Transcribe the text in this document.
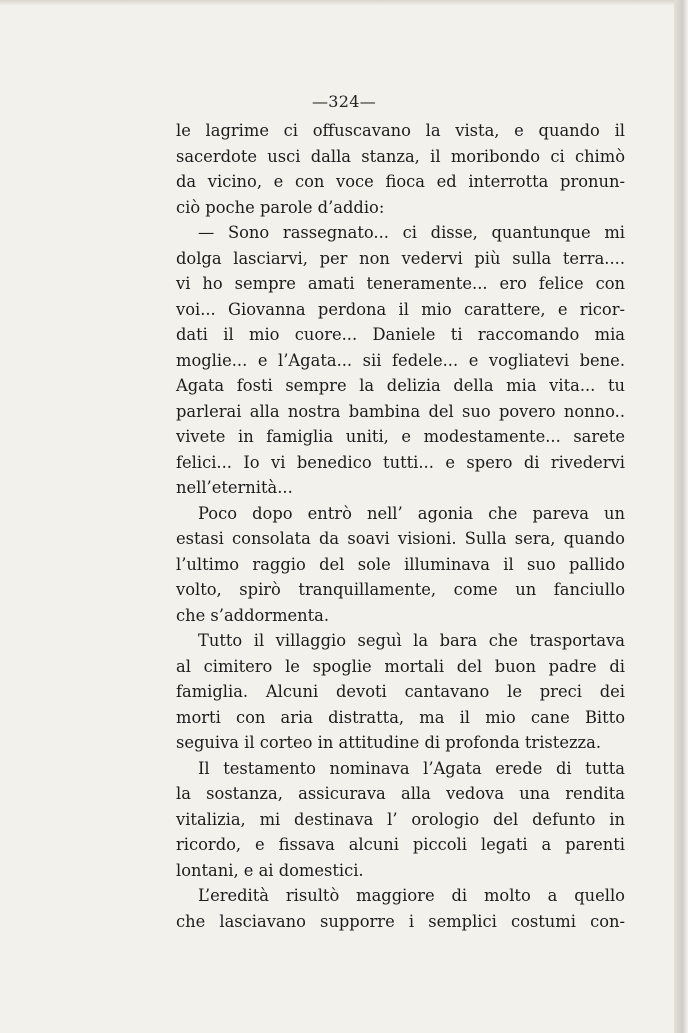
—324—
le lagrime ci offuscavano la vista, e quando il
sacerdote usci dalla stanza, il moribondo ci chimò
da vicino, e con voce fioca ed interrotta pronun-
ciò poche parole d’addio:
— Sono rassegnato... ci disse, quantunque mi
dolga lasciarvi, per non vedervi più sulla terra....
vi ho sempre amati teneramente... ero felice con
voi... Giovanna perdona il mio carattere, e ricor-
dati il mio cuore... Daniele ti raccomando mia
moglie... e l’Agata... sii fedele... e vogliatevi bene.
Agata fosti sempre la delizia della mia vita... tu
parlerai alla nostra bambina del suo povero nonno..
vivete in famiglia uniti, e modestamente... sarete
felici... Io vi benedico tutti... e spero di rivedervi
nell’eternità...
Poco dopo entrò nell’ agonia che pareva un
estasi consolata da soavi visioni. Sulla sera, quando
l’ultimo raggio del sole illuminava il suo pallido
volto, spirò tranquillamente, come un fanciullo
che s’addormenta.
Tutto il villaggio seguì la bara che trasportava
al cimitero le spoglie mortali del buon padre di
famiglia. Alcuni devoti cantavano le preci dei
morti con aria distratta, ma il mio cane Bitto
seguiva il corteo in attitudine di profonda tristezza.
Il testamento nominava l’Agata erede di tutta
la sostanza, assicurava alla vedova una rendita
vitalizia, mi destinava l’ orologio del defunto in
ricordo, e fissava alcuni piccoli legati a parenti
lontani, e ai domestici.
L’eredità risultò maggiore di molto a quello
che lasciavano supporre i semplici costumi con-
